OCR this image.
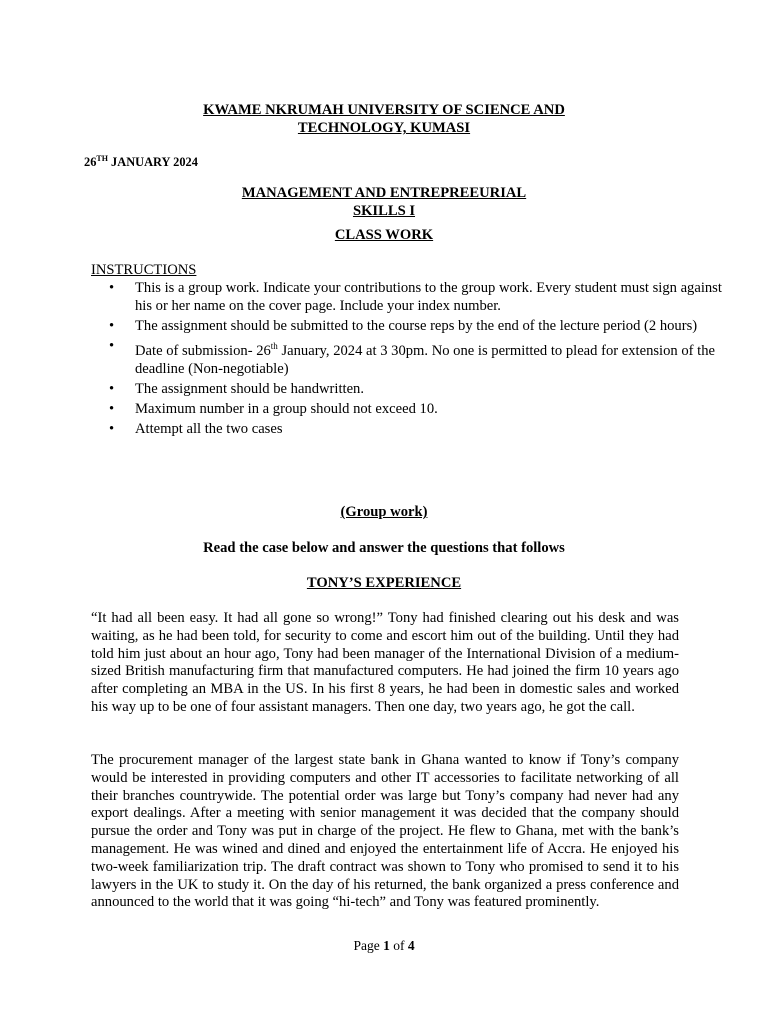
KWAME NKRUMAH UNIVERSITY OF SCIENCE AND
TECHNOLOGY, KUMASI
26TH JANUARY 2024
MANAGEMENT AND ENTREPREEURIAL
SKILLS I
CLASS WORK
INSTRUCTIONS
• This is a group work. Indicate your contributions to the group work. Every student must sign against his or her name on the cover page. Include your index number.
• The assignment should be submitted to the course reps by the end of the lecture period (2 hours)
• Date of submission- 26th January, 2024 at 3 30pm. No one is permitted to plead for extension of the deadline (Non-negotiable)
• The assignment should be handwritten.
• Maximum number in a group should not exceed 10.
• Attempt all the two cases
(Group work)
Read the case below and answer the questions that follows
TONY’S EXPERIENCE
“It had all been easy. It had all gone so wrong!” Tony had finished clearing out his desk and was waiting, as he had been told, for security to come and escort him out of the building. Until they had told him just about an hour ago, Tony had been manager of the International Division of a medium-sized British manufacturing firm that manufactured computers. He had joined the firm 10 years ago after completing an MBA in the US. In his first 8 years, he had been in domestic sales and worked his way up to be one of four assistant managers. Then one day, two years ago, he got the call.
The procurement manager of the largest state bank in Ghana wanted to know if Tony’s company would be interested in providing computers and other IT accessories to facilitate networking of all their branches countrywide. The potential order was large but Tony’s company had never had any export dealings. After a meeting with senior management it was decided that the company should pursue the order and Tony was put in charge of the project. He flew to Ghana, met with the bank’s management. He was wined and dined and enjoyed the entertainment life of Accra. He enjoyed his two-week familiarization trip. The draft contract was shown to Tony who promised to send it to his lawyers in the UK to study it. On the day of his returned, the bank organized a press conference and announced to the world that it was going “hi-tech” and Tony was featured prominently.
Page 1 of 4
